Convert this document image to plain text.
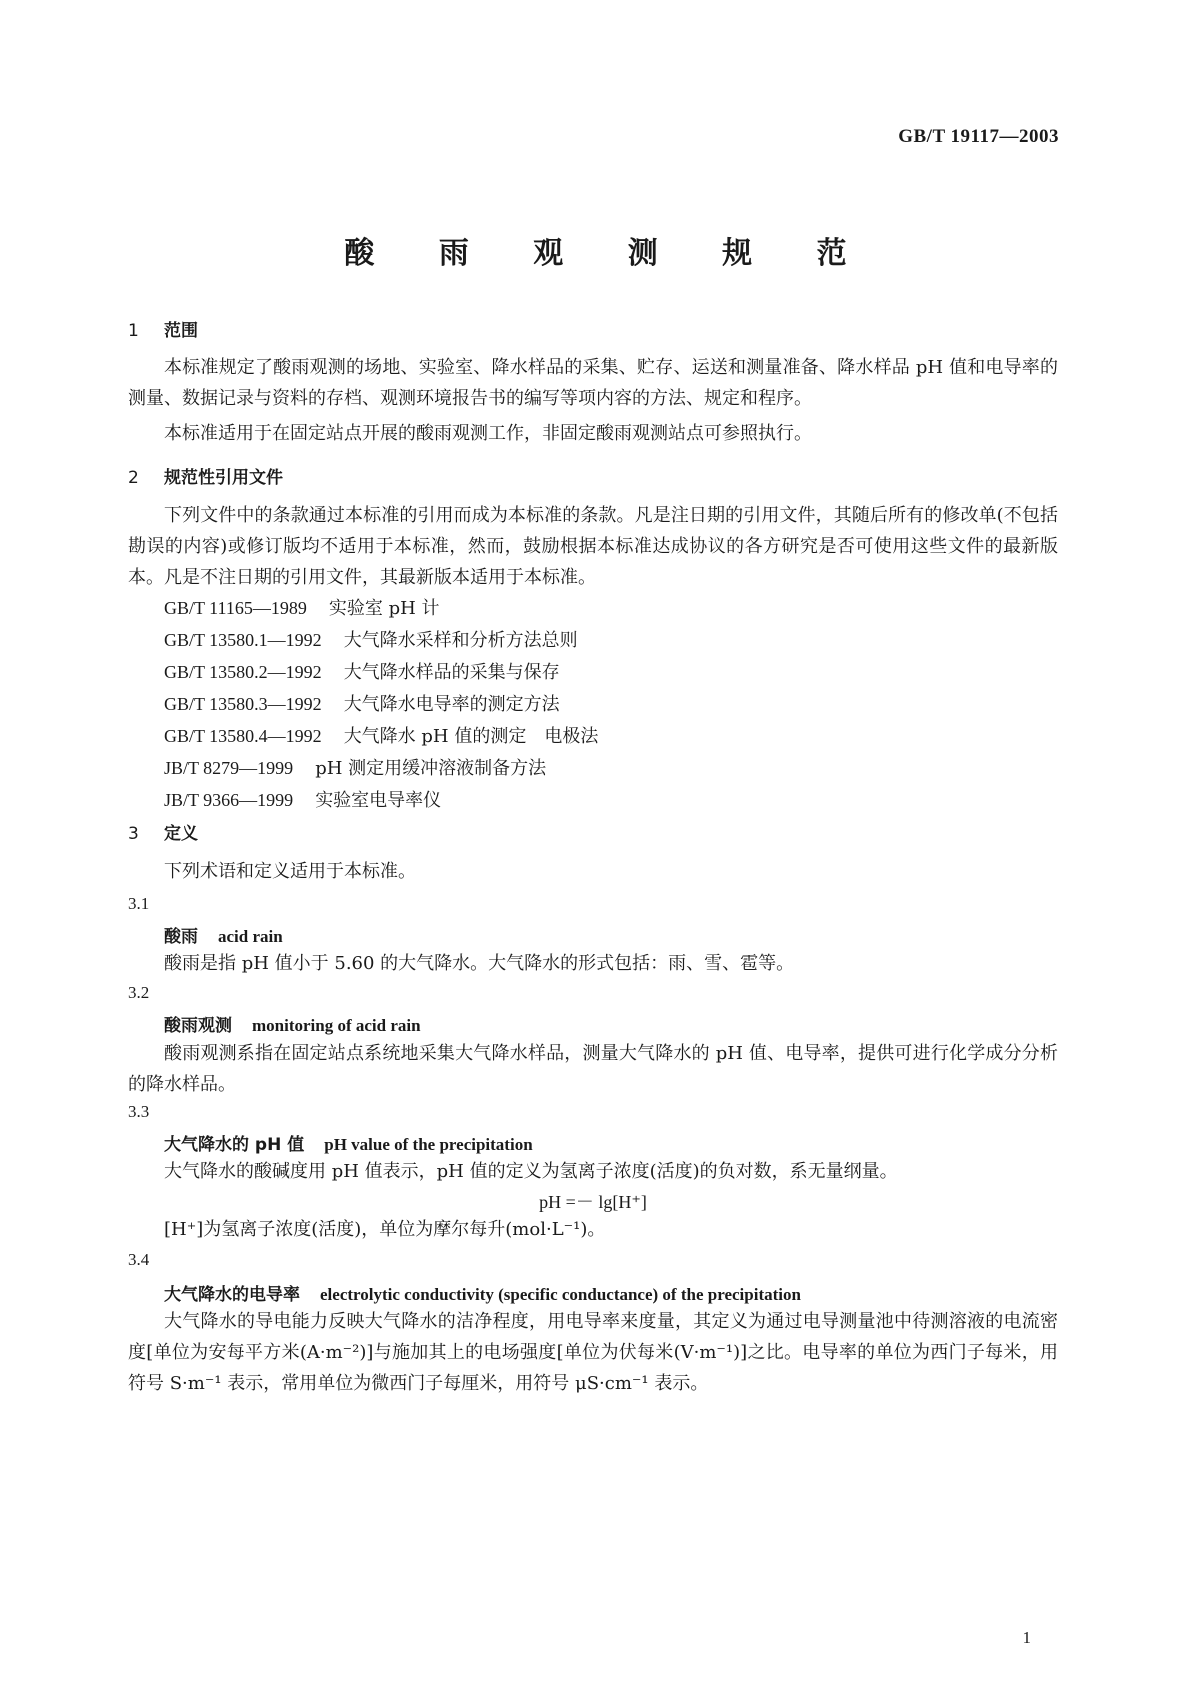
GB/T 19117—2003
酸 雨 观 测 规 范
1 范围
本标准规定了酸雨观测的场地、实验室、降水样品的采集、贮存、运送和测量准备、降水样品 pH 值和电导率的测量、数据记录与资料的存档、观测环境报告书的编写等项内容的方法、规定和程序。
本标准适用于在固定站点开展的酸雨观测工作，非固定酸雨观测站点可参照执行。
2 规范性引用文件
下列文件中的条款通过本标准的引用而成为本标准的条款。凡是注日期的引用文件，其随后所有的修改单(不包括勘误的内容)或修订版均不适用于本标准，然而，鼓励根据本标准达成协议的各方研究是否可使用这些文件的最新版本。凡是不注日期的引用文件，其最新版本适用于本标准。
GB/T 11165—1989 实验室 pH 计
GB/T 13580.1—1992 大气降水采样和分析方法总则
GB/T 13580.2—1992 大气降水样品的采集与保存
GB/T 13580.3—1992 大气降水电导率的测定方法
GB/T 13580.4—1992 大气降水 pH 值的测定　电极法
JB/T 8279—1999 pH 测定用缓冲溶液制备方法
JB/T 9366—1999 实验室电导率仪
3 定义
下列术语和定义适用于本标准。
3.1
酸雨 acid rain
酸雨是指 pH 值小于 5.60 的大气降水。大气降水的形式包括：雨、雪、雹等。
3.2
酸雨观测 monitoring of acid rain
酸雨观测系指在固定站点系统地采集大气降水样品，测量大气降水的 pH 值、电导率，提供可进行化学成分分析的降水样品。
3.3
大气降水的 pH 值 pH value of the precipitation
大气降水的酸碱度用 pH 值表示，pH 值的定义为氢离子浓度(活度)的负对数，系无量纲量。
pH =－ lg[H⁺]
[H⁺]为氢离子浓度(活度)，单位为摩尔每升(mol·L⁻¹)。
3.4
大气降水的电导率 electrolytic conductivity (specific conductance) of the precipitation
大气降水的导电能力反映大气降水的洁净程度，用电导率来度量，其定义为通过电导测量池中待测溶液的电流密度[单位为安每平方米(A·m⁻²)]与施加其上的电场强度[单位为伏每米(V·m⁻¹)]之比。电导率的单位为西门子每米，用符号 S·m⁻¹ 表示，常用单位为微西门子每厘米，用符号 μS·cm⁻¹ 表示。
1
